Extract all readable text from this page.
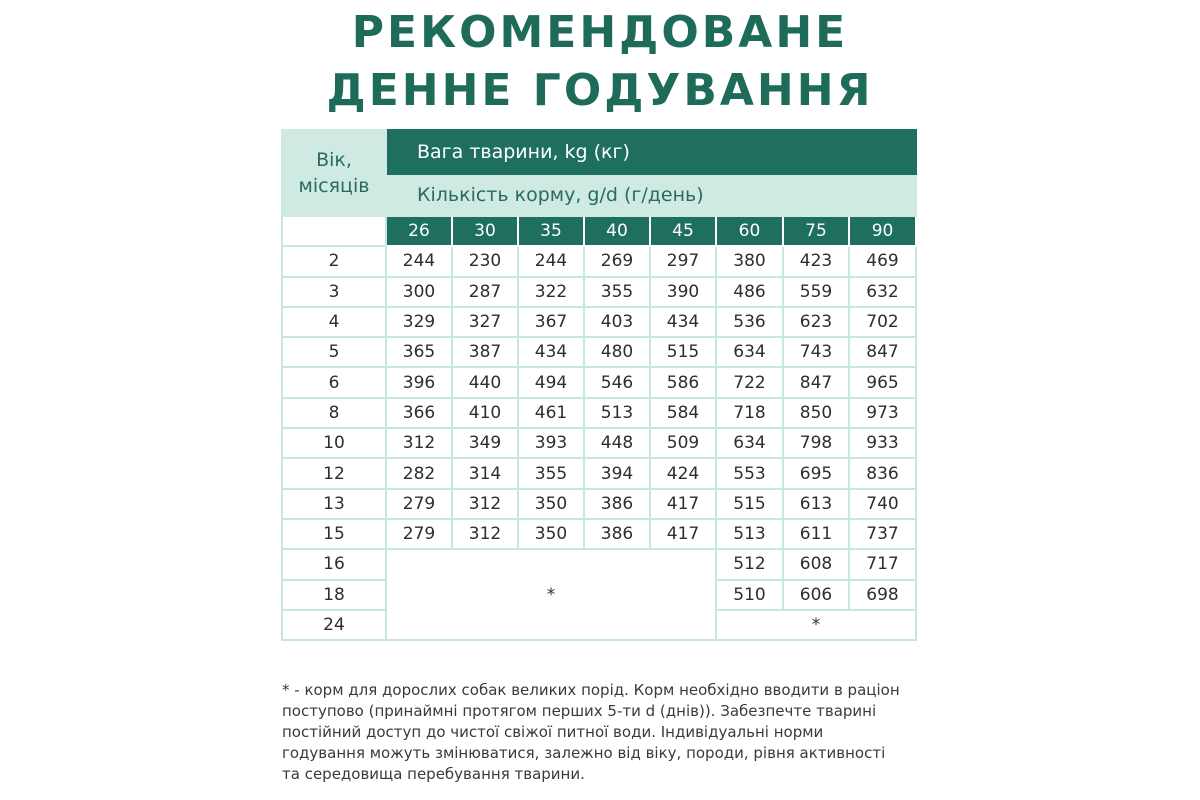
РЕКОМЕНДОВАНЕ
ДЕННЕ ГОДУВАННЯ
Вік,
місяців	Вага тварини, kg (кг)							
	Кількість корму, g/d (г/день)							
	26	30	35	40	45	60	75	90
2	244	230	244	269	297	380	423	469
3	300	287	322	355	390	486	559	632
4	329	327	367	403	434	536	623	702
5	365	387	434	480	515	634	743	847
6	396	440	494	546	586	722	847	965
8	366	410	461	513	584	718	850	973
10	312	349	393	448	509	634	798	933
12	282	314	355	394	424	553	695	836
13	279	312	350	386	417	515	613	740
15	279	312	350	386	417	513	611	737
16	*					512	608	717
18						510	606	698
24						*		
* - корм для дорослих собак великих порід. Корм необхідно вводити в раціон
поступово (принаймні протягом перших 5-ти d (днів)). Забезпечте тварині
постійний доступ до чистої свіжої питної води. Індивідуальні норми
годування можуть змінюватися, залежно від віку, породи, рівня активності
та середовища перебування тварини.
